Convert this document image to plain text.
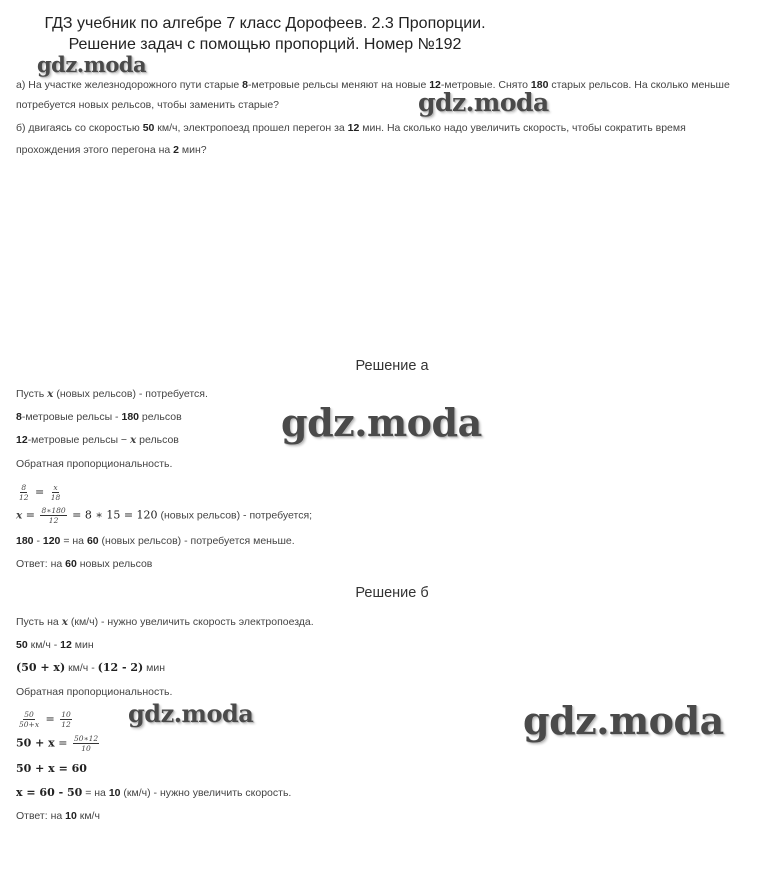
ГДЗ учебник по алгебре 7 класс Дорофеев. 2.3 Пропорции.
Решение задач с помощью пропорций. Номер №192
gdz.moda
gdz.moda
gdz.moda
gdz.moda	gdz.moda

а) На участке железнодорожного пути старые 8-метровые рельсы меняют на новые 12-метровые. Снято 180 старых рельсов. На сколько меньше

потребуется новых рельсов, чтобы заменить старые?

б) двигаясь со скоростью 50 км/ч, электропоезд прошел перегон за 12 мин. На сколько надо увеличить скорость, чтобы сократить время

прохождения этого перегона на 2 мин?

Решение а

Пусть x (новых рельсов) - потребуется.

8-метровые рельсы - 180 рельсов

12-метровые рельсы − x рельсов

Обратная пропорциональность.

$\frac{8}{12} = \frac{x}{18}$

$x = \frac{8∗180}{12} = 8$ ∗ 15 = 120 (новых рельсов) - потребуется;

180 - 120 = на 60 (новых рельсов) - потребуется меньше.

Ответ: на 60 новых рельсов

Решение б

Пусть на x (км/ч) - нужно увеличить скорость электропоезда.

50 км/ч - 12 мин

(50 + x) км/ч - (12 - 2) мин

Обратная пропорциональность.

$\frac{50}{50+x} = \frac{10}{12}$

$50 + x = \frac{50∗12}{10}$

50 + x = 60

x = 60 - 50 = на 10 (км/ч) - нужно увеличить скорость.

Ответ: на 10 км/ч
